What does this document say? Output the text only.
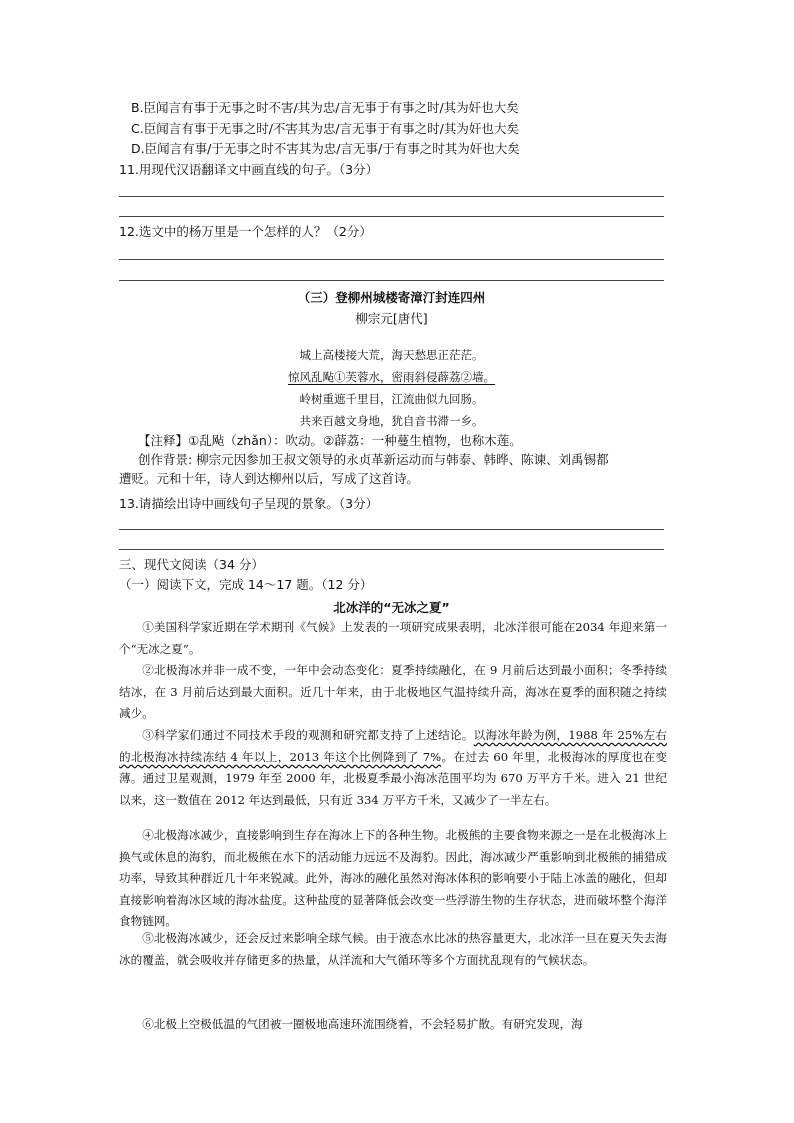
B.臣闻言有事于无事之时不害/其为忠/言无事于有事之时/其为奸也大矣
C.臣闻言有事于无事之时/不害其为忠/言无事于有事之时/其为奸也大矣
D.臣闻言有事/于无事之时不害其为忠/言无事/于有事之时其为奸也大矣
11.用现代汉语翻译文中画直线的句子。（3分）
12.选文中的杨万里是一个怎样的人？（2分）
（三）登柳州城楼寄漳汀封连四州
柳宗元[唐代]
城上高楼接大荒，海天愁思正茫茫。
惊风乱飐①芙蓉水，密雨斜侵薜荔②墙。
岭树重遮千里目，江流曲似九回肠。
共来百越文身地，犹自音书滞一乡。
【注释】①乱飐（zhǎn）：吹动。②薜荔：一种蔓生植物，也称木莲。
创作背景: 柳宗元因参加王叔文领导的永贞革新运动而与韩泰、韩晔、陈谏、刘禹锡都
遭贬。元和十年，诗人到达柳州以后，写成了这首诗。
13.请描绘出诗中画线句子呈现的景象。（3分）
三、现代文阅读（34 分）
（一）阅读下文，完成 14～17 题。（12 分）
北冰洋的“无冰之夏”
①美国科学家近期在学术期刊《气候》上发表的一项研究成果表明，北冰洋很可能在2034 年迎来第一个“无冰之夏”。
②北极海冰并非一成不变，一年中会动态变化：夏季持续融化，在 9 月前后达到最小面积；冬季持续结冰，在 3 月前后达到最大面积。近几十年来，由于北极地区气温持续升高，海冰在夏季的面积随之持续减少。
③科学家们通过不同技术手段的观测和研究都支持了上述结论。以海冰年龄为例，1988 年 25%左右的北极海冰持续冻结 4 年以上，2013 年这个比例降到了 7%。在过去 60 年里，北极海冰的厚度也在变薄。通过卫星观测，1979 年至 2000 年，北极夏季最小海冰范围平均为 670 万平方千米。进入 21 世纪以来，这一数值在 2012 年达到最低，只有近 334 万平方千米，又减少了一半左右。
④北极海冰减少，直接影响到生存在海冰上下的各种生物。北极熊的主要食物来源之一是在北极海冰上换气或休息的海豹，而北极熊在水下的活动能力远远不及海豹。因此，海冰减少严重影响到北极熊的捕猎成功率，导致其种群近几十年来锐减。此外，海冰的融化虽然对海冰体积的影响要小于陆上冰盖的融化，但却直接影响着海冰区域的海冰盐度。这种盐度的显著降低会改变一些浮游生物的生存状态，进而破坏整个海洋食物链网。
⑤北极海冰减少，还会反过来影响全球气候。由于液态水比冰的热容量更大，北冰洋一旦在夏天失去海冰的覆盖，就会吸收并存储更多的热量，从洋流和大气循环等多个方面扰乱现有的气候状态。
⑥北极上空极低温的气团被一圈极地高速环流围绕着，不会轻易扩散。有研究发现，海
